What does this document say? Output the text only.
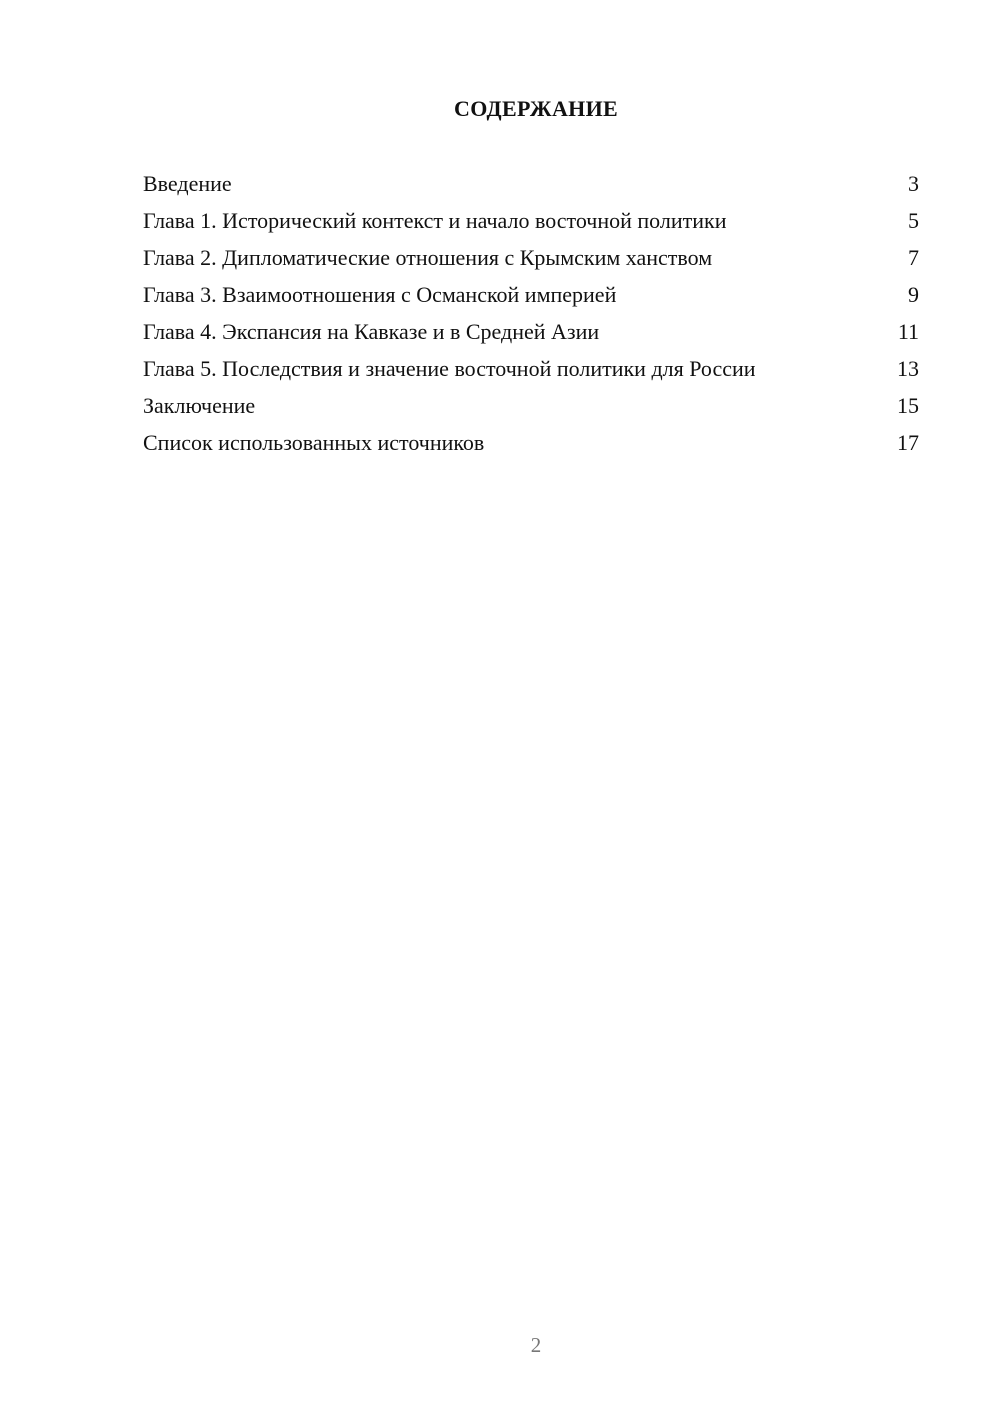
СОДЕРЖАНИЕ
Введение	3
Глава 1. Исторический контекст и начало восточной политики	5
Глава 2. Дипломатические отношения с Крымским ханством	7
Глава 3. Взаимоотношения с Османской империей	9
Глава 4. Экспансия на Кавказе и в Средней Азии	11
Глава 5. Последствия и значение восточной политики для России	13
Заключение	15
Список использованных источников	17
2
